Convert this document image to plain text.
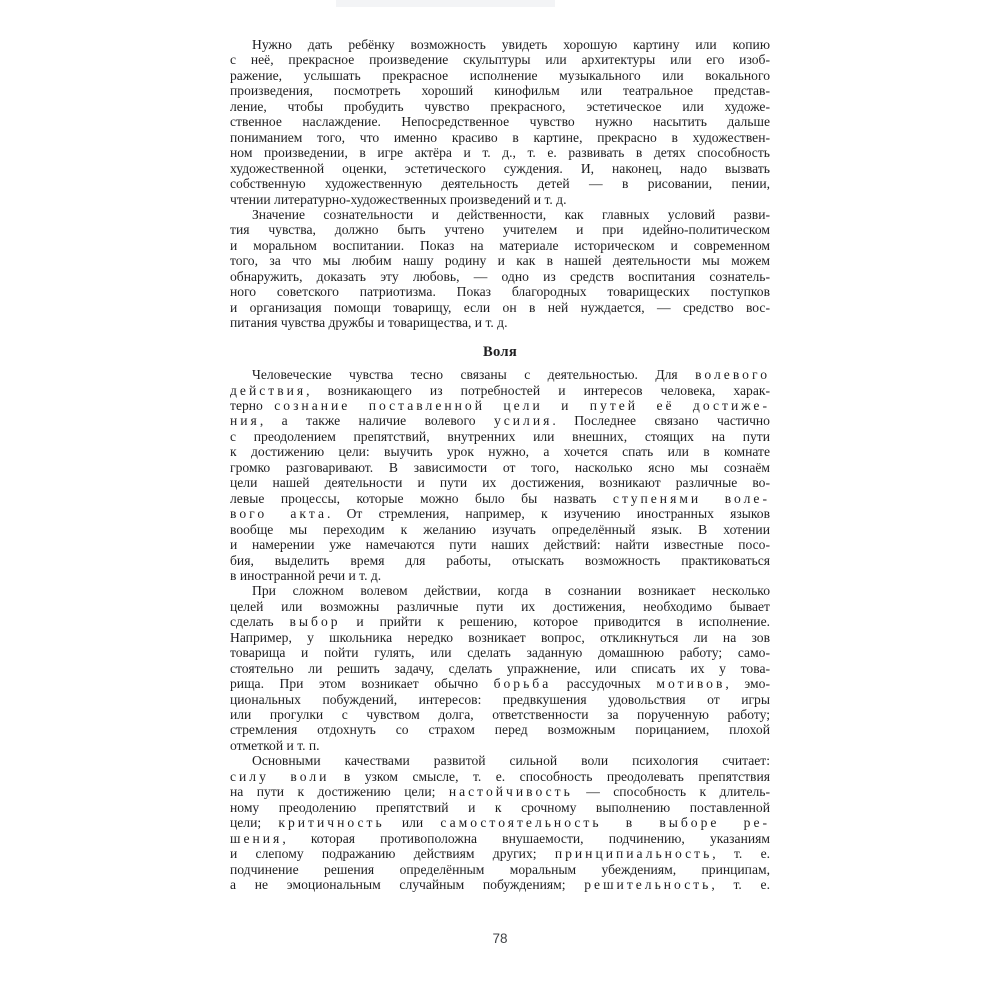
Нужно дать ребёнку возможность увидеть хорошую картину или копию
с неё, прекрасное произведение скульптуры или архитектуры или его изоб-
ражение, услышать прекрасное исполнение музыкального или вокального
произведения, посмотреть хороший кинофильм или театральное представ-
ление, чтобы пробудить чувство прекрасного, эстетическое или художе-
ственное наслаждение. Непосредственное чувство нужно насытить дальше
пониманием того, что именно красиво в картине, прекрасно в художествен-
ном произведении, в игре актёра и т. д., т. е. развивать в детях способность
художественной оценки, эстетического суждения. И, наконец, надо вызвать
собственную художественную деятельность детей — в рисовании, пении,
чтении литературно-художественных произведений и т. д.
Значение сознательности и действенности, как главных условий разви-
тия чувства, должно быть учтено учителем и при идейно-политическом
и моральном воспитании. Показ на материале историческом и современном
того, за что мы любим нашу родину и как в нашей деятельности мы можем
обнаружить, доказать эту любовь, — одно из средств воспитания сознатель-
ного советского патриотизма. Показ благородных товарищеских поступков
и организация помощи товарищу, если он в ней нуждается, — средство вос-
питания чувства дружбы и товарищества, и т. д.
Воля
Человеческие чувства тесно связаны с деятельностью. Для волевого
действия, возникающего из потребностей и интересов человека, харак-
терно сознание поставленной цели и путей её достиже-
ния, а также наличие волевого усилия. Последнее связано частично
с преодолением препятствий, внутренних или внешних, стоящих на пути
к достижению цели: выучить урок нужно, а хочется спать или в комнате
громко разговаривают. В зависимости от того, насколько ясно мы сознаём
цели нашей деятельности и пути их достижения, возникают различные во-
левые процессы, которые можно было бы назвать ступенями воле-
вого акта. От стремления, например, к изучению иностранных языков
вообще мы переходим к желанию изучать определённый язык. В хотении
и намерении уже намечаются пути наших действий: найти известные посо-
бия, выделить время для работы, отыскать возможность практиковаться
в иностранной речи и т. д.
При сложном волевом действии, когда в сознании возникает несколько
целей или возможны различные пути их достижения, необходимо бывает
сделать выбор и прийти к решению, которое приводится в исполнение.
Например, у школьника нередко возникает вопрос, откликнуться ли на зов
товарища и пойти гулять, или сделать заданную домашнюю работу; само-
стоятельно ли решить задачу, сделать упражнение, или списать их у това-
рища. При этом возникает обычно борьба рассудочных мотивов, эмо-
циональных побуждений, интересов: предвкушения удовольствия от игры
или прогулки с чувством долга, ответственности за порученную работу;
стремления отдохнуть со страхом перед возможным порицанием, плохой
отметкой и т. п.
Основными качествами развитой сильной воли психология считает:
силу воли в узком смысле, т. е. способность преодолевать препятствия
на пути к достижению цели; настойчивость — способность к длитель-
ному преодолению препятствий и к срочному выполнению поставленной
цели; критичность или самостоятельность в выборе ре-
шения, которая противоположна внушаемости, подчинению, указаниям
и слепому подражанию действиям других; принципиальность, т. е.
подчинение решения определённым моральным убеждениям, принципам,
а не эмоциональным случайным побуждениям; решительность, т. е.
78
